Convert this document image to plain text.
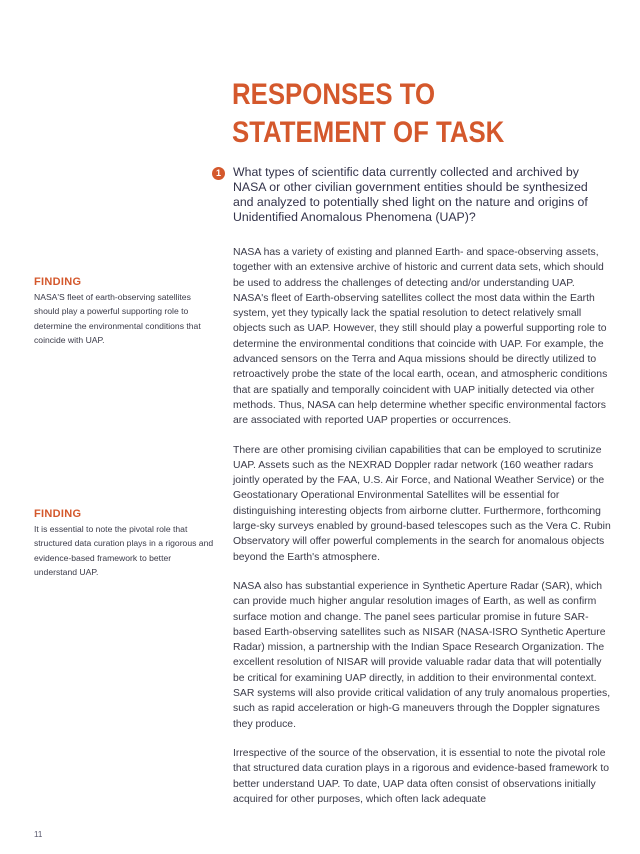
RESPONSES TO STATEMENT OF TASK
1 What types of scientific data currently collected and archived by NASA or other civilian government entities should be synthesized and analyzed to potentially shed light on the nature and origins of Unidentified Anomalous Phenomena (UAP)?

FINDING

NASA'S fleet of earth-observing satellites should play a powerful supporting role to determine the environmental conditions that coincide with UAP.

FINDING

It is essential to note the pivotal role that structured data curation plays in a rigorous and evidence-based framework to better understand UAP.

NASA has a variety of existing and planned Earth- and space-observing assets, together with an extensive archive of historic and current data sets, which should be used to address the challenges of detecting and/or understanding UAP. NASA's fleet of Earth-observing satellites collect the most data within the Earth system, yet they typically lack the spatial resolution to detect relatively small objects such as UAP. However, they still should play a powerful supporting role to determine the environmental conditions that coincide with UAP. For example, the advanced sensors on the Terra and Aqua missions should be directly utilized to retroactively probe the state of the local earth, ocean, and atmospheric conditions that are spatially and temporally coincident with UAP initially detected via other methods. Thus, NASA can help determine whether specific environmental factors are associated with reported UAP properties or occurrences.

There are other promising civilian capabilities that can be employed to scrutinize UAP. Assets such as the NEXRAD Doppler radar network (160 weather radars jointly operated by the FAA, U.S. Air Force, and National Weather Service) or the Geostationary Operational Environmental Satellites will be essential for distinguishing interesting objects from airborne clutter. Furthermore, forthcoming large-sky surveys enabled by ground-based telescopes such as the Vera C. Rubin Observatory will offer powerful complements in the search for anomalous objects beyond the Earth's atmosphere.

NASA also has substantial experience in Synthetic Aperture Radar (SAR), which can provide much higher angular resolution images of Earth, as well as confirm surface motion and change. The panel sees particular promise in future SAR-based Earth-observing satellites such as NISAR (NASA-ISRO Synthetic Aperture Radar) mission, a partnership with the Indian Space Research Organization. The excellent resolution of NISAR will provide valuable radar data that will potentially be critical for examining UAP directly, in addition to their environmental context. SAR systems will also provide critical validation of any truly anomalous properties, such as rapid acceleration or high-G maneuvers through the Doppler signatures they produce.

Irrespective of the source of the observation, it is essential to note the pivotal role that structured data curation plays in a rigorous and evidence-based framework to better understand UAP. To date, UAP data often consist of observations initially acquired for other purposes, which often lack adequate

11
